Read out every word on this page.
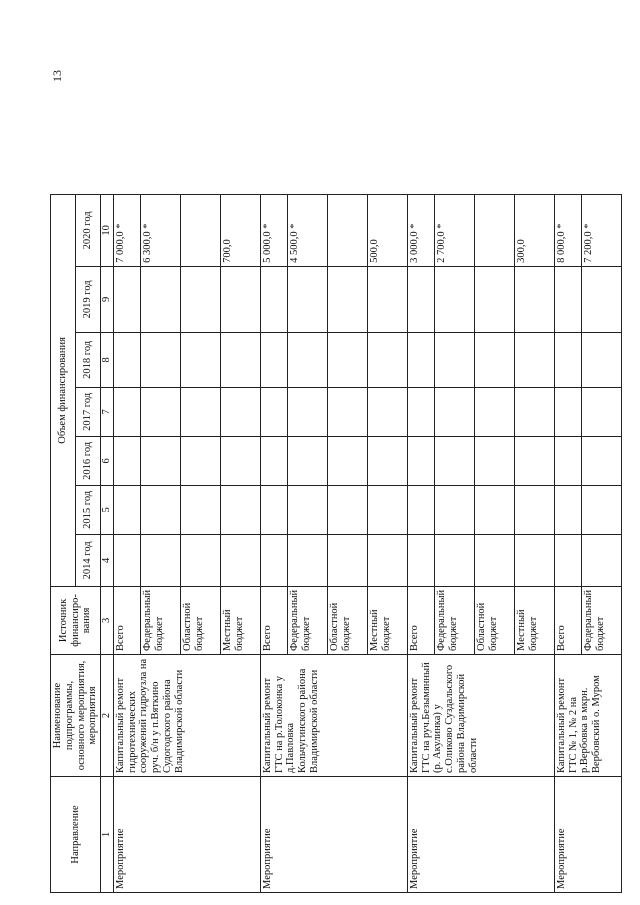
13
Направление	Наименование подпрограммы, основного мероприятия, мероприятия	Источник финансиро-вания	Объем финансирования						
			2014 год	2015 год	2016 год	2017 год	2018 год	2019 год	2020 год
1	2	3	4	5	6	7	8	9	10
Мероприятие	Капитальный ремонт гидротехнических сооружений гидроузла на руч. б/н у п.Вяткино Судогодского района Владимирской области	Всего							7 000,0 *
		Федеральный бюджет							6 300,0 *
		Областной бюджет							
		Местный бюджет							700,0
Мероприятие	Капитальный ремонт ГТС на р.Толоконка у д.Павловка Кольчугинского района Владимирской области	Всего							5 000,0 *
		Федеральный бюджет							4 500,0 *
		Областной бюджет							
		Местный бюджет							500,0
Мероприятие	Капитальный ремонт ГТС на руч.Безымянный (р. Акулинка) у с.Оликово Суздальского района Владимирской области	Всего							3 000,0 *
		Федеральный бюджет							2 700,0 *
		Областной бюджет							
		Местный бюджет							300,0
Мероприятие	Капитальный ремонт ГТС № 1, № 2 на р.Вербовка в мкрн. Вербовский о. Муром	Всего							8 000,0 *
		Федеральный бюджет							7 200,0 *
